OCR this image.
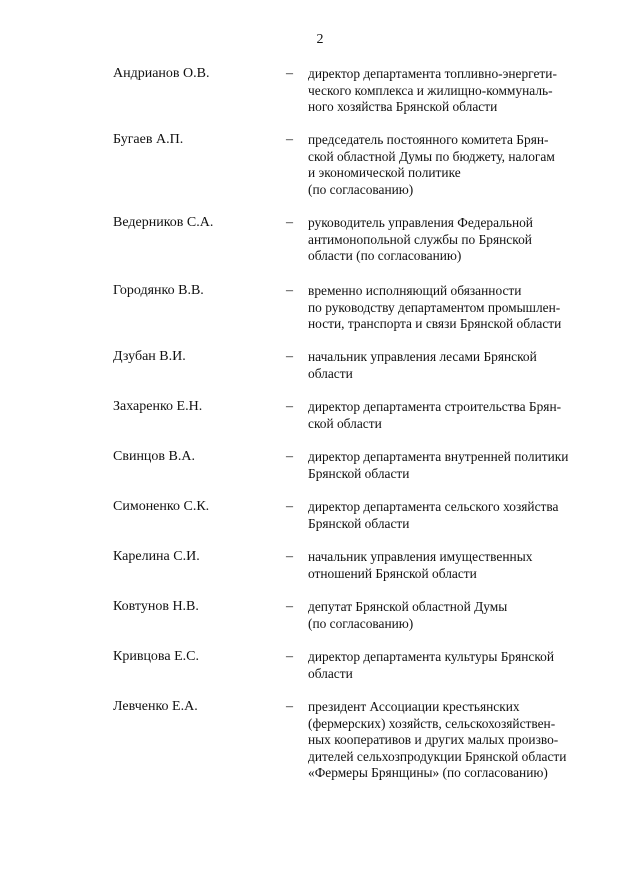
2
Андрианов О.В.	– директор департамента топливно-энергети-
ческого комплекса и жилищно-коммуналь-
ного хозяйства Брянской области
Бугаев А.П.	– председатель постоянного комитета Брян-
ской областной Думы по бюджету, налогам
и экономической политике
(по согласованию)
Ведерников С.А.	– руководитель управления Федеральной
антимонопольной службы по Брянской
области (по согласованию)
Городянко В.В.	– временно исполняющий обязанности
по руководству департаментом промышлен-
ности, транспорта и связи Брянской области
Дзубан В.И.	– начальник управления лесами Брянской
области
Захаренко Е.Н.	– директор департамента строительства Брян-
ской области
Свинцов В.А.	– директор департамента внутренней политики
Брянской области
Симоненко С.К.	– директор департамента сельского хозяйства
Брянской области
Карелина С.И.	– начальник управления имущественных
отношений Брянской области
Ковтунов Н.В.	– депутат Брянской областной Думы
(по согласованию)
Кривцова Е.С.	– директор департамента культуры Брянской
области
Левченко Е.А.	– президент Ассоциации крестьянских
(фермерских) хозяйств, сельскохозяйствен-
ных кооперативов и других малых произво-
дителей сельхозпродукции Брянской области
«Фермеры Брянщины» (по согласованию)
